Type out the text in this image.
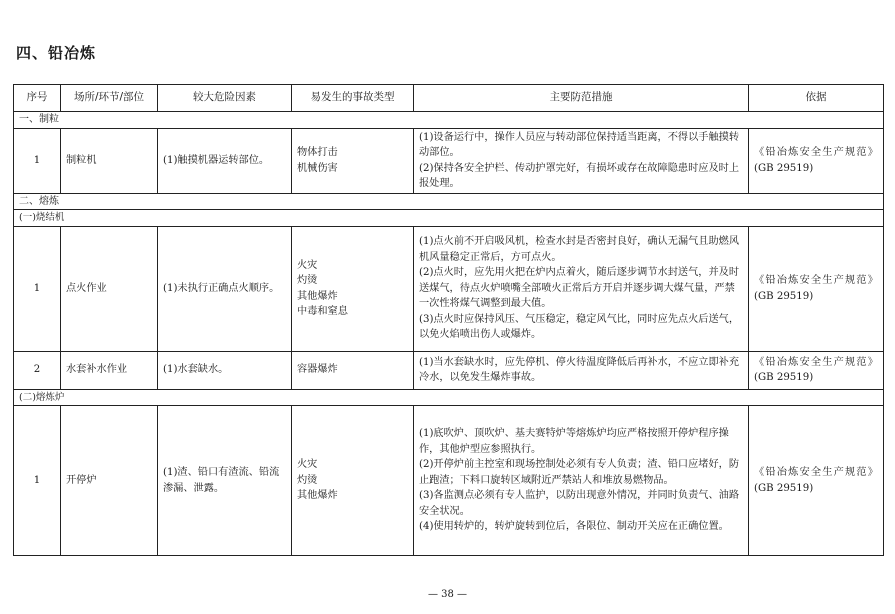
四、铅冶炼
序号	场所/环节/部位	较大危险因素	易发生的事故类型	主要防范措施	依据
一、制粒					
1	制粒机	(1)触摸机器运转部位。	物体打击
机械伤害	(1)设备运行中，操作人员应与转动部位保持适当距离，不得以手触摸转动部位。
(2)保持各安全护栏、传动护罩完好，有损坏或存在故障隐患时应及时上报处理。	《铅冶炼安全生产规范》(GB 29519)
二、熔炼					
(一)烧结机					
1	点火作业	(1)未执行正确点火顺序。	火灾
灼烫
其他爆炸
中毒和窒息	(1)点火前不开启吸风机，检查水封是否密封良好，确认无漏气且助燃风机风量稳定正常后，方可点火。
(2)点火时，应先用火把在炉内点着火，随后逐步调节水封送气，并及时送煤气，待点火炉喷嘴全部喷火正常后方开启并逐步调大煤气量，严禁一次性将煤气调整到最大值。
(3)点火时应保持风压、气压稳定，稳定风气比，同时应先点火后送气，以免火焰喷出伤人或爆炸。	《铅冶炼安全生产规范》(GB 29519)
2	水套补水作业	(1)水套缺水。	容器爆炸	(1)当水套缺水时，应先停机、停火待温度降低后再补水，不应立即补充冷水，以免发生爆炸事故。	《铅冶炼安全生产规范》(GB 29519)
(二)熔炼炉					
1	开停炉	(1)渣、铅口有渣流、铅流渗漏、泄露。	火灾
灼烫
其他爆炸	(1)底吹炉、顶吹炉、基夫赛特炉等熔炼炉均应严格按照开停炉程序操作，其他炉型应参照执行。
(2)开停炉前主控室和现场控制处必须有专人负责；渣、铅口应堵好，防止跑渣；下料口旋转区域附近严禁站人和堆放易燃物品。
(3)各监测点必须有专人监护，以防出现意外情况，并同时负责气、油路安全状况。
(4)使用转炉的，转炉旋转到位后，各限位、制动开关应在正确位置。	《铅冶炼安全生产规范》(GB 29519)
— 38 —
